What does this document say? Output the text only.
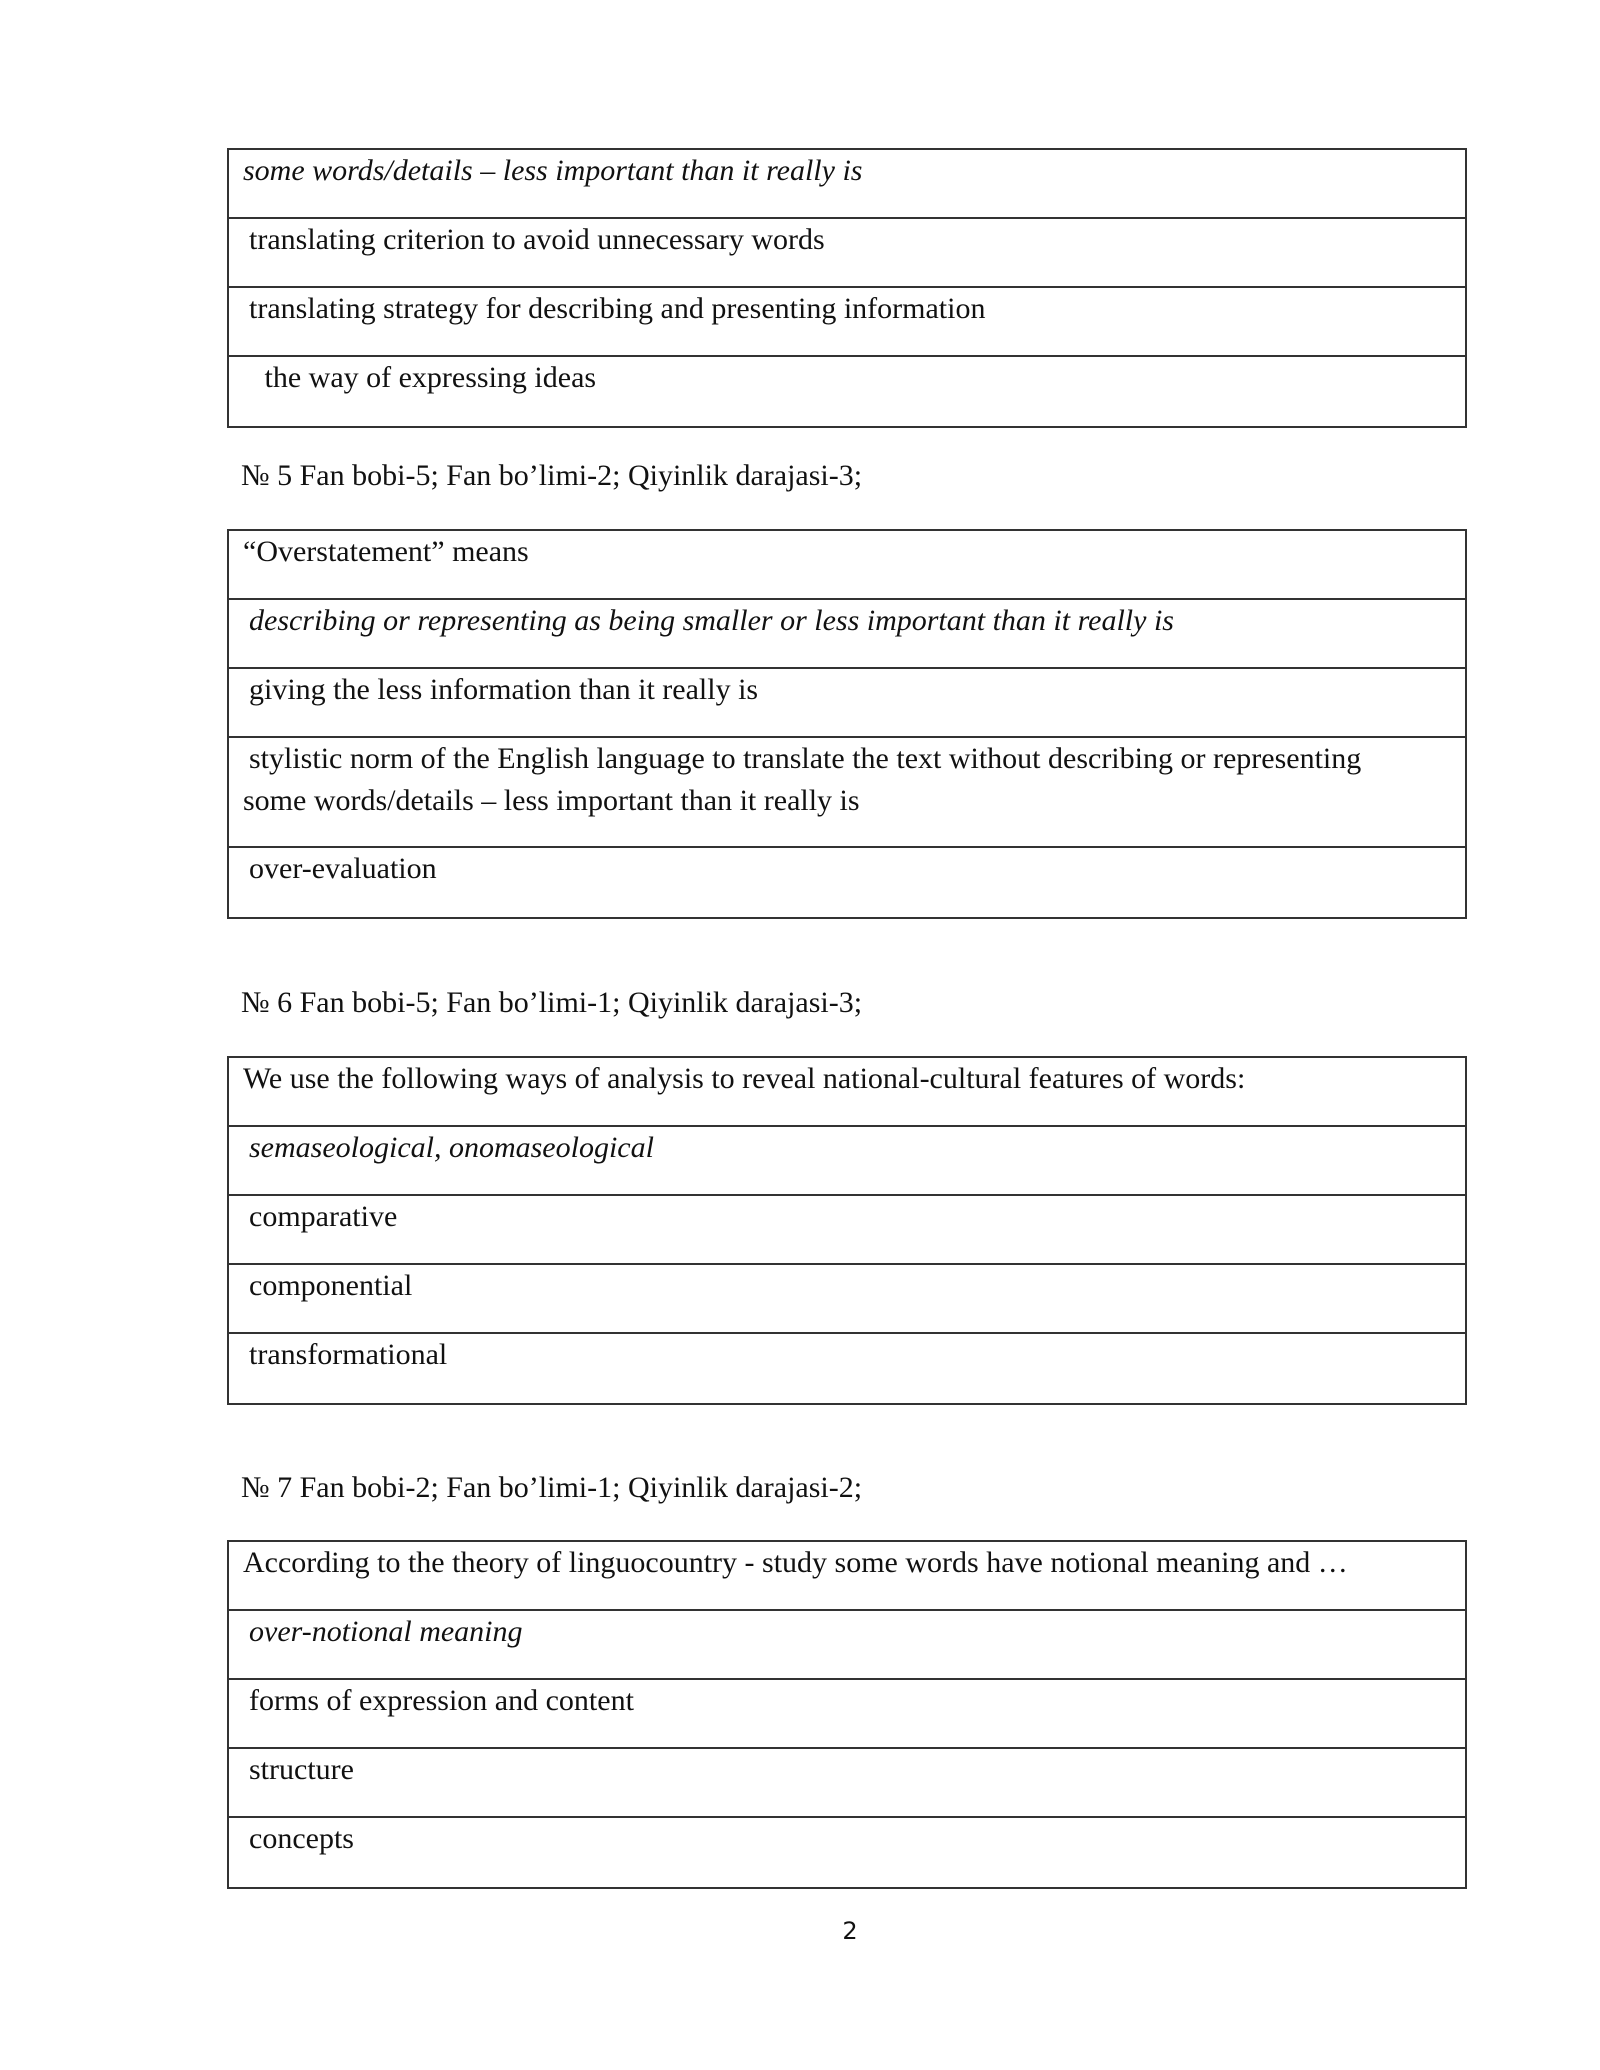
some words/details – less important than it really is
translating criterion to avoid unnecessary words
translating strategy for describing and presenting information
the way of expressing ideas
№ 5 Fan bobi-5; Fan bo’limi-2; Qiyinlik darajasi-3;
“Overstatement” means
describing or representing as being smaller or less important than it really is
giving the less information than it really is
stylistic norm of the English language to translate the text without describing or representing
some words/details – less important than it really is
over-evaluation
№ 6 Fan bobi-5; Fan bo’limi-1; Qiyinlik darajasi-3;
We use the following ways of analysis to reveal national-cultural features of words:
semaseological, onomaseological
comparative
componential
transformational
№ 7 Fan bobi-2; Fan bo’limi-1; Qiyinlik darajasi-2;
According to the theory of linguocountry - study some words have notional meaning and …
over-notional meaning
forms of expression and content
structure
concepts
2
